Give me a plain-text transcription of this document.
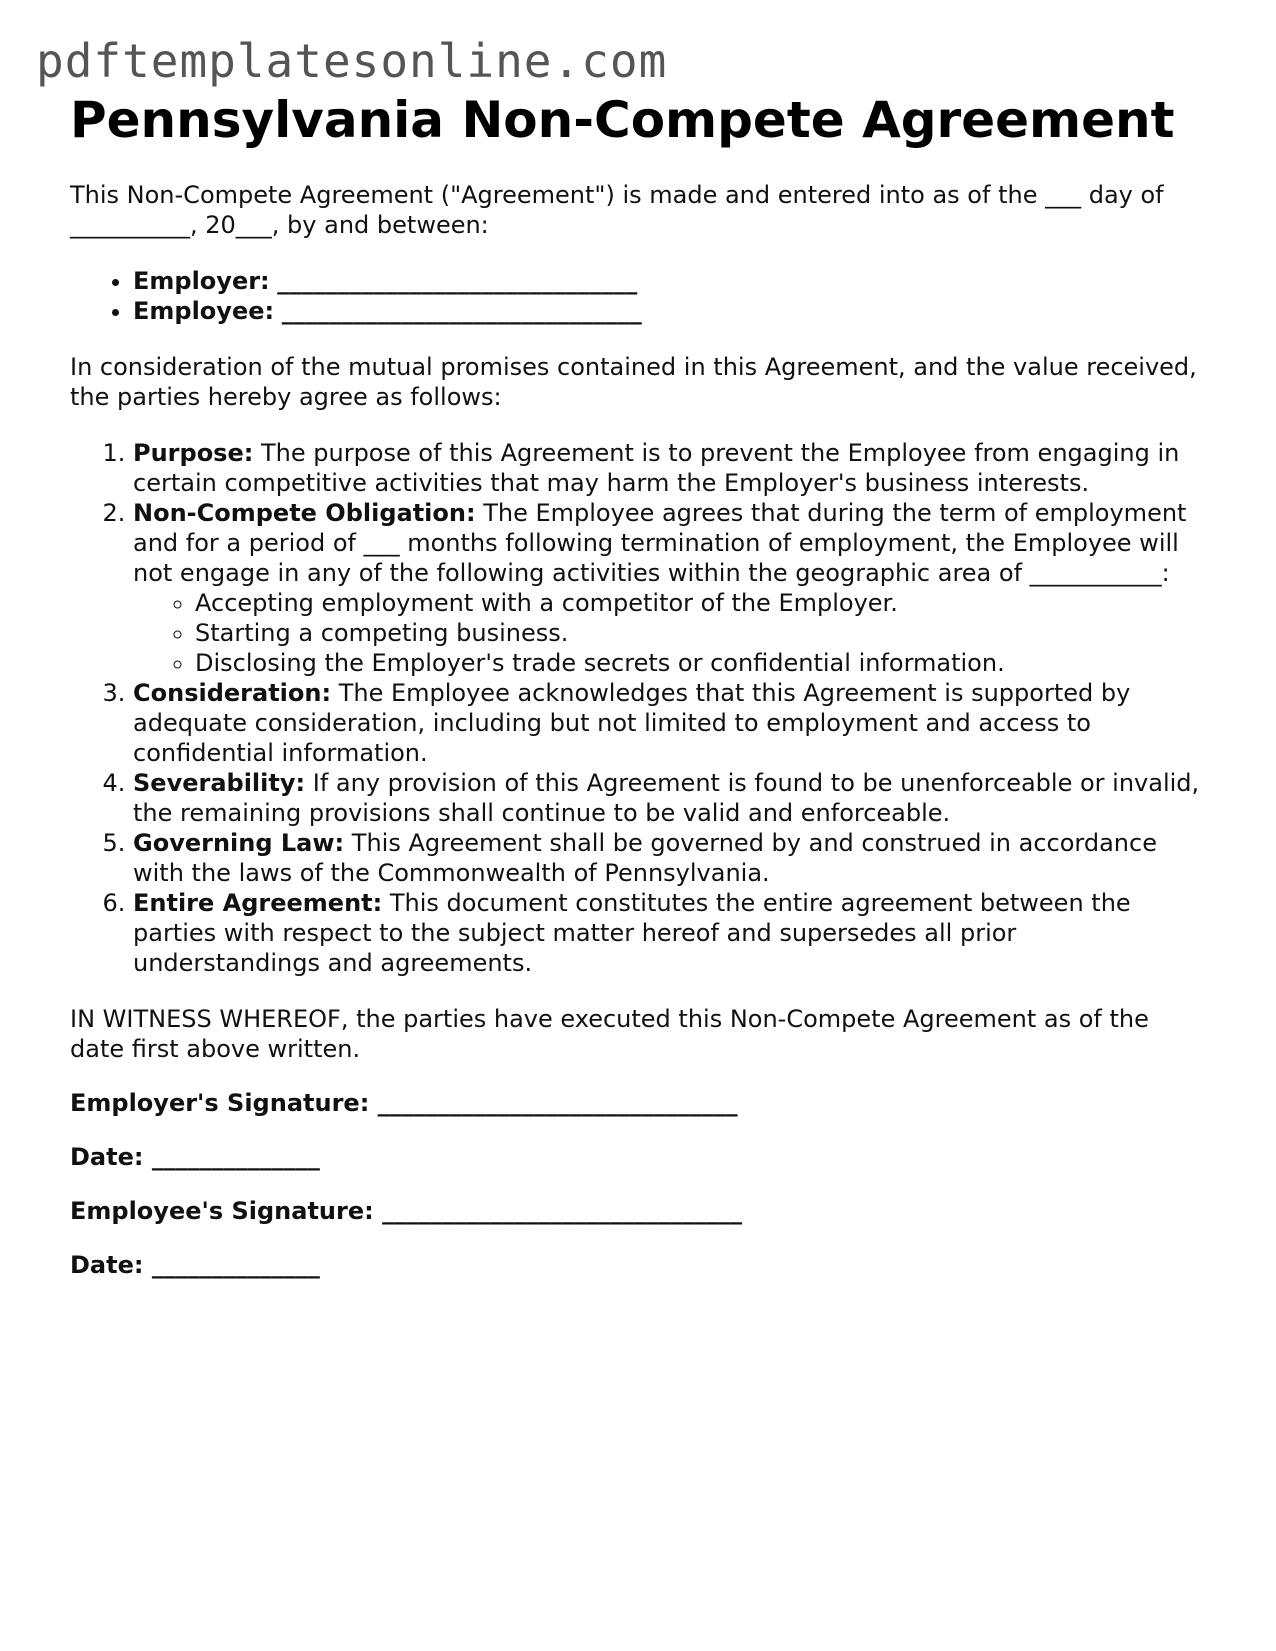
pdftemplatesonline.com
Pennsylvania Non-Compete Agreement

This Non-Compete Agreement ("Agreement") is made and entered into as of the ___ day of __________, 20___, by and between:

• Employer: ______________________________
• Employee: ______________________________

In consideration of the mutual promises contained in this Agreement, and the value received, the parties hereby agree as follows:

1. Purpose: The purpose of this Agreement is to prevent the Employee from engaging in certain competitive activities that may harm the Employer's business interests.
2. Non-Compete Obligation: The Employee agrees that during the term of employment and for a period of ___ months following termination of employment, the Employee will not engage in any of the following activities within the geographic area of ___________:
◦ Accepting employment with a competitor of the Employer.
◦ Starting a competing business.
◦ Disclosing the Employer's trade secrets or confidential information.
3. Consideration: The Employee acknowledges that this Agreement is supported by adequate consideration, including but not limited to employment and access to confidential information.
4. Severability: If any provision of this Agreement is found to be unenforceable or invalid, the remaining provisions shall continue to be valid and enforceable.
5. Governing Law: This Agreement shall be governed by and construed in accordance with the laws of the Commonwealth of Pennsylvania.
6. Entire Agreement: This document constitutes the entire agreement between the parties with respect to the subject matter hereof and supersedes all prior understandings and agreements.

IN WITNESS WHEREOF, the parties have executed this Non-Compete Agreement as of the date first above written.

Employer's Signature: ______________________________

Date: ______________

Employee's Signature: ______________________________

Date: ______________
